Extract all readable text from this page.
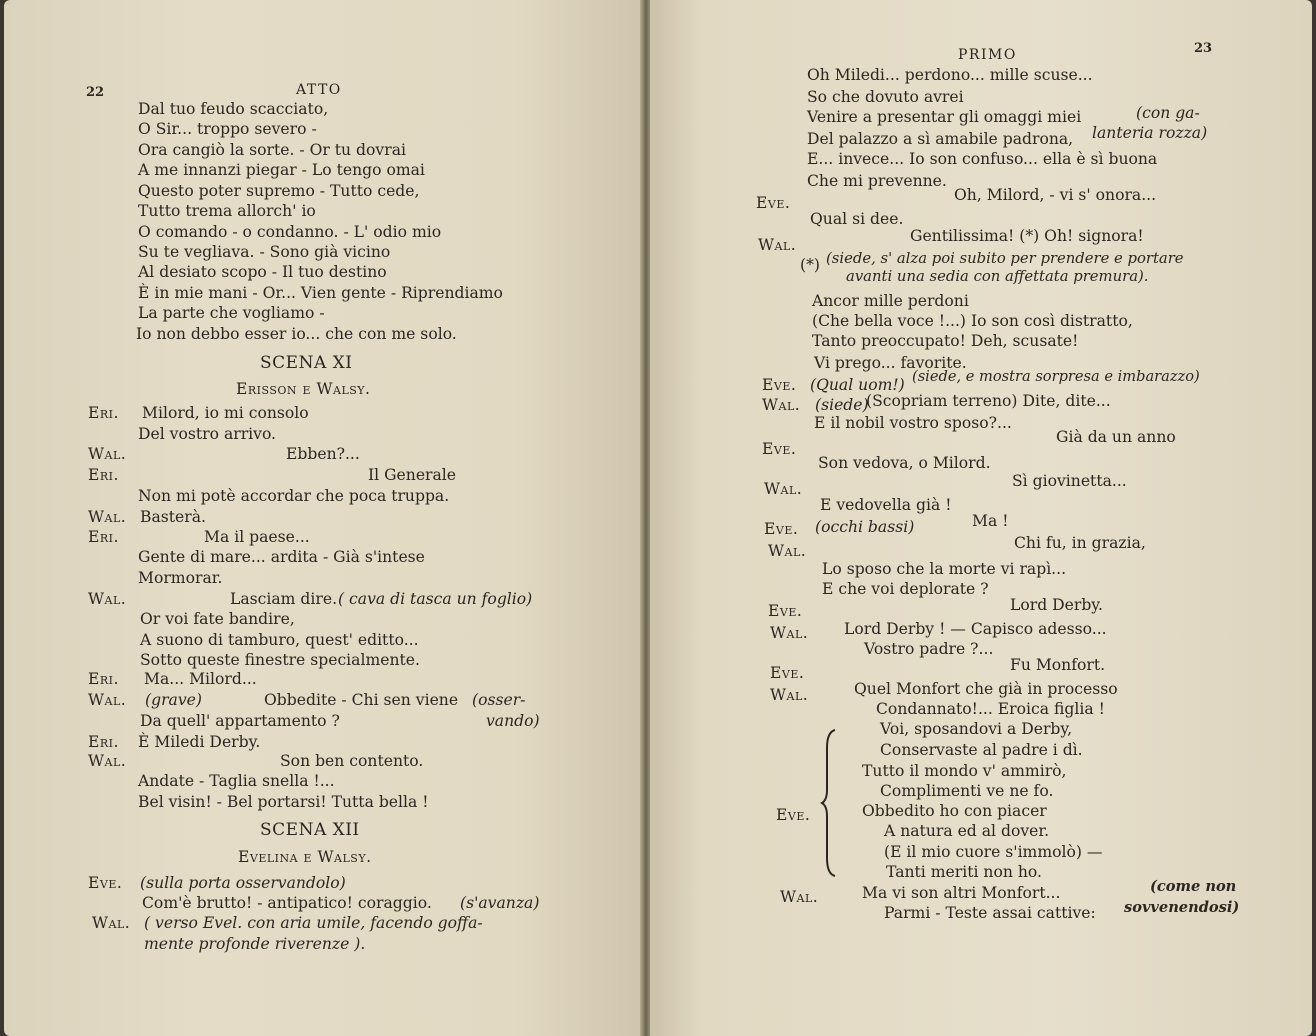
22	ATTO
Dal tuo feudo scacciato,
O Sir... troppo severo -
Ora cangiò la sorte. - Or tu dovrai
A me innanzi piegar - Lo tengo omai
Questo poter supremo - Tutto cede,
Tutto trema allorch' io
O comando - o condanno. - L' odio mio
Su te vegliava. - Sono già vicino
Al desiato scopo - Il tuo destino
È in mie mani - Or... Vien gente - Riprendiamo
La parte che vogliamo -
Io non debbo esser io... che con me solo.
SCENA XI
Erisson e Walsy.
Eri. Milord, io mi consolo
Del vostro arrivo.
Wal.	Ebben?...
Eri.	Il Generale
Non mi potè accordar che poca truppa.
Wal. Basterà.
Eri.	Ma il paese...
Gente di mare... ardita - Già s'intese
Mormorar.
Wal.	Lasciam dire. ( cava di tasca un foglio)
Or voi fate bandire,
A suono di tamburo, quest' editto...
Sotto queste finestre specialmente.
Eri. Ma... Milord...
Wal. (grave)	Obbedite - Chi sen viene (osser-
Da quell' appartamento ?	vando)
Eri. È Miledi Derby.
Wal.	Son ben contento.
Andate - Taglia snella !...
Bel visin! - Bel portarsi! Tutta bella !
SCENA XII
Evelina e Walsy.
Eve. (sulla porta osservandolo)
Com'è brutto! - antipatico! coraggio. (s'avanza)
Wal. ( verso Evel. con aria umile, facendo goffa-
mente profonde riverenze ).
PRIMO	23
Oh Miledi... perdono... mille scuse...
So che dovuto avrei
Venire a presentar gli omaggi miei	(con ga-
Del palazzo a sì amabile padrona, lanteria rozza)
E... invece... Io son confuso... ella è sì buona
Che mi prevenne.
Eve.	Oh, Milord, - vi s' onora...
Qual si dee.
Wal.	Gentilissima! (*) Oh! signora!
(*) (siede, s' alza poi subito per prendere e portare
avanti una sedia con affettata premura).
Ancor mille perdoni
(Che bella voce !...) Io son così distratto,
Tanto preoccupato! Deh, scusate!
Vi prego... favorite.
Eve. (Qual uom!) (siede, e mostra sorpresa e imbarazzo)
Wal. (siede)
(Scopriam terreno) Dite, dite...
E il nobil vostro sposo?...
Eve.
Già da un anno
Son vedova, o Milord.
Wal.	Sì giovinetta...
E vedovella già !
Eve. (occhi bassi)	Ma !
Wal.	Chi fu, in grazia,
Lo sposo che la morte vi rapì...
E che voi deplorate ?
Eve.	Lord Derby.
Wal. Lord Derby ! — Capisco adesso...
Vostro padre ?...
Eve.	Fu Monfort.
Wal.	Quel Monfort che già in processo
Condannato!... Eroica figlia !
Voi, sposandovi a Derby,
Conservaste al padre i dì.
Tutto il mondo v' ammirò,
Complimenti ve ne fo.
Eve.	Obbedito ho con piacer
A natura ed al dover.
(E il mio cuore s'immolò) —
Tanti meriti non ho.
Wal.	Ma vi son altri Monfort...	(come non
Parmi - Teste assai cattive: sovvenendosi)
